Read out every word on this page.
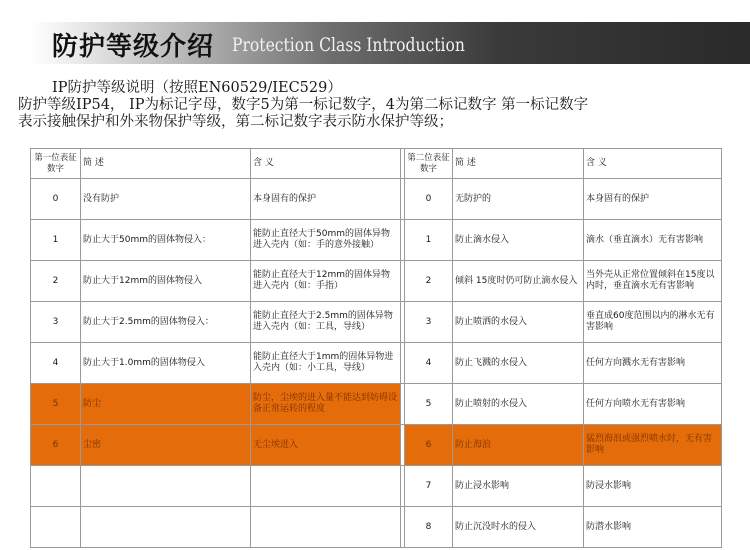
防护等级介绍 Protection Class Introduction
IP防护等级说明（按照EN60529/IEC529）
防护等级IP54， IP为标记字母，数字5为第一标记数字，4为第二标记数字 第一标记数字
表示接触保护和外来物保护等级，第二标记数字表示防水保护等级；
第一位表征数字	简 述	含 义		第二位表征数字	简 述	含 义
0	没有防护	本身固有的保护		0	无防护的	本身固有的保护
1	防止大于50mm的固体物侵入：	能防止直径大于50mm的固体异物进入壳内（如：手的意外接触）		1	防止滴水侵入	滴水（垂直滴水）无有害影响
2	防止大于12mm的固体物侵入	能防止直径大于12mm的固体异物进入壳内（如：手指）		2	倾斜 15度时仍可防止滴水侵入	当外壳从正常位置倾斜在15度以内时，垂直滴水无有害影响
3	防止大于2.5mm的固体物侵入：	能防止直径大于2.5mm的固体异物进入壳内（如：工具，导线）		3	防止喷洒的水侵入	垂直成60度范围以内的淋水无有害影响
4	防止大于1.0mm的固体物侵入	能防止直径大于1mm的固体异物进入壳内（如：小工具，导线）		4	防止飞溅的水侵入	任何方向溅水无有害影响
5	防尘	防尘，尘埃的进入量不能达到妨碍设备正常运转的程度		5	防止喷射的水侵入	任何方向喷水无有害影响
6	尘密	无尘埃进入		6	防止海浪	猛烈海浪或强烈喷水时，无有害影响
				7	防止浸水影响	防浸水影响
				8	防止沉没时水的侵入	防潜水影响
